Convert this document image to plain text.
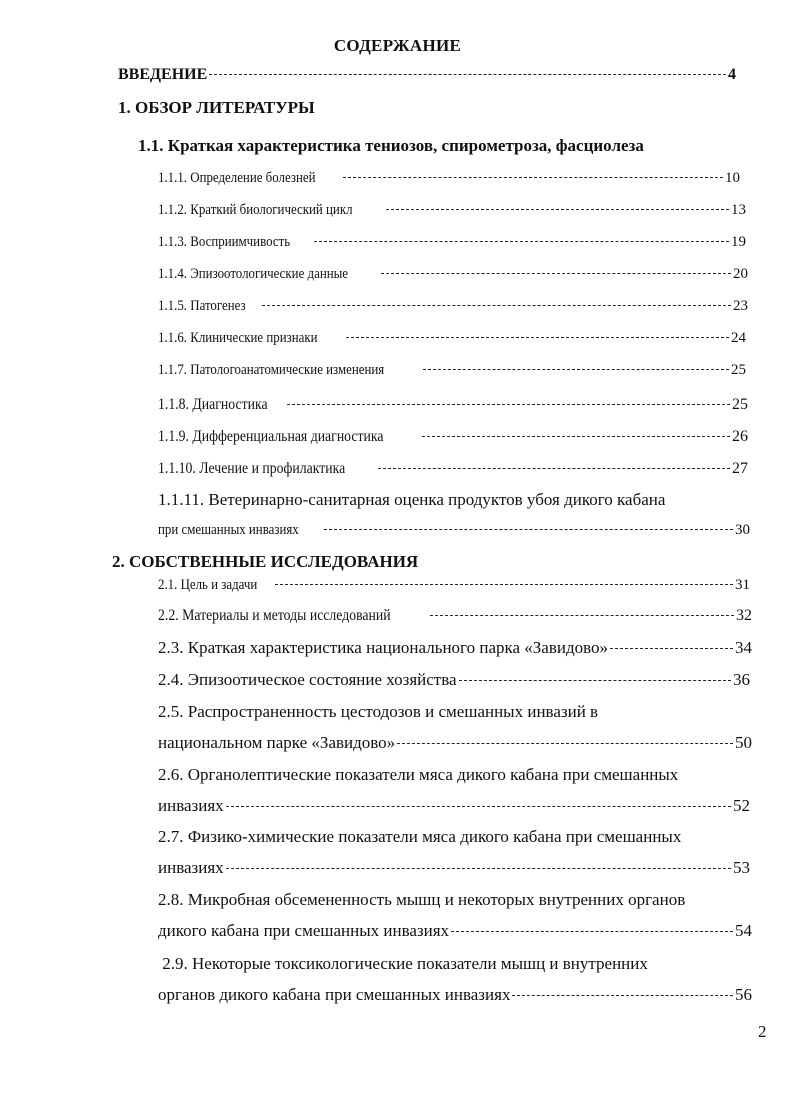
СОДЕРЖАНИЕ
ВВЕДЕНИЕ	4
1. ОБЗОР ЛИТЕРАТУРЫ
1.1. Краткая характеристика тениозов, спирометроза, фасциолеза
1.1.1. Определение болезней	10
1.1.2. Краткий биологический цикл	13
1.1.3. Восприимчивость	19
1.1.4. Эпизоотологические данные	20
1.1.5. Патогенез	23
1.1.6. Клинические признаки	24
1.1.7. Патологоанатомические изменения	25
1.1.8. Диагностика	25
1.1.9. Дифференциальная диагностика	26
1.1.10. Лечение и профилактика	27
1.1.11. Ветеринарно-санитарная оценка продуктов убоя дикого кабана
при смешанных инвазиях	30
2. СОБСТВЕННЫЕ ИССЛЕДОВАНИЯ
2.1. Цель и задачи	31
2.2. Материалы и методы исследований	32
2.3. Краткая характеристика национального парка «Завидово»	34
2.4. Эпизоотическое состояние хозяйства	36
2.5. Распространенность цестодозов и смешанных инвазий в
национальном парке «Завидово»	50
2.6. Органолептические показатели мяса дикого кабана при смешанных
инвазиях	52
2.7. Физико-химические показатели мяса дикого кабана при смешанных
инвазиях	53
2.8. Микробная обсемененность мышц и некоторых внутренних органов
дикого кабана при смешанных инвазиях	54
2.9. Некоторые токсикологические показатели мышц и внутренних
органов дикого кабана при смешанных инвазиях	56
2
